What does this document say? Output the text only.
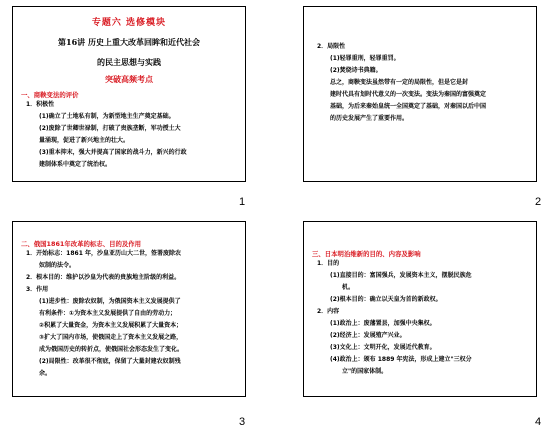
专题六 选修模块
第16讲 历史上重大改革回眸和近代社会
的民主思想与实践
突破高频考点
一、商鞅变法的评价
1．积极性
(1)确立了土地私有制，为新型地主生产奠定基础。
(2)废除了世卿世禄制，打破了贵族垄断，军功授土大
量涌现，促进了新兴地主的壮大。
(3)重本抑末，强大并提高了国家的战斗力，新兴的行政
建制体系中奠定了统治权。
1
2．局限性
(1)轻罪重刑，轻罪重罚。
(2)焚烧诗书典籍。
总之，商鞅变法虽然带有一定的局限性，但是它是封
建时代具有划时代意义的一次变法。变法为秦国的富强奠定
基础，为后来秦始皇统一全国奠定了基础，对秦国以后中国
的历史发展产生了重要作用。
2
二、俄国1861年改革的标志、目的及作用
1．开始标志：1861 年，沙皇亚历山大二世，签署废除农
奴制的法令。
2．根本目的：维护以沙皇为代表的贵族地主阶级的利益。
3．作用
(1)进步性：废除农奴制，为俄国资本主义发展提供了
有利条件：①为资本主义发展提供了自由的劳动力；
②积累了大量资金，为资本主义发展积累了大量资本；
③扩大了国内市场，使俄国走上了资本主义发展之路，
成为俄国历史的转折点，使俄国社会形态发生了变化。
(2)局限性：改革很不彻底，保留了大量封建农奴制残
余。
3
三、日本明治维新的目的、内容及影响
1．目的
(1)直接目的：富国强兵，发展资本主义，摆脱民族危
机。
(2)根本目的：确立以天皇为首的新政权。
2．内容
(1)政治上：废藩置县，加强中央集权。
(2)经济上：发展殖产兴业。
(3)文化上：文明开化，发展近代教育。
(4)政治上：颁布 1889 年宪法，形成上建立"三权分
立"的国家体制。
4
